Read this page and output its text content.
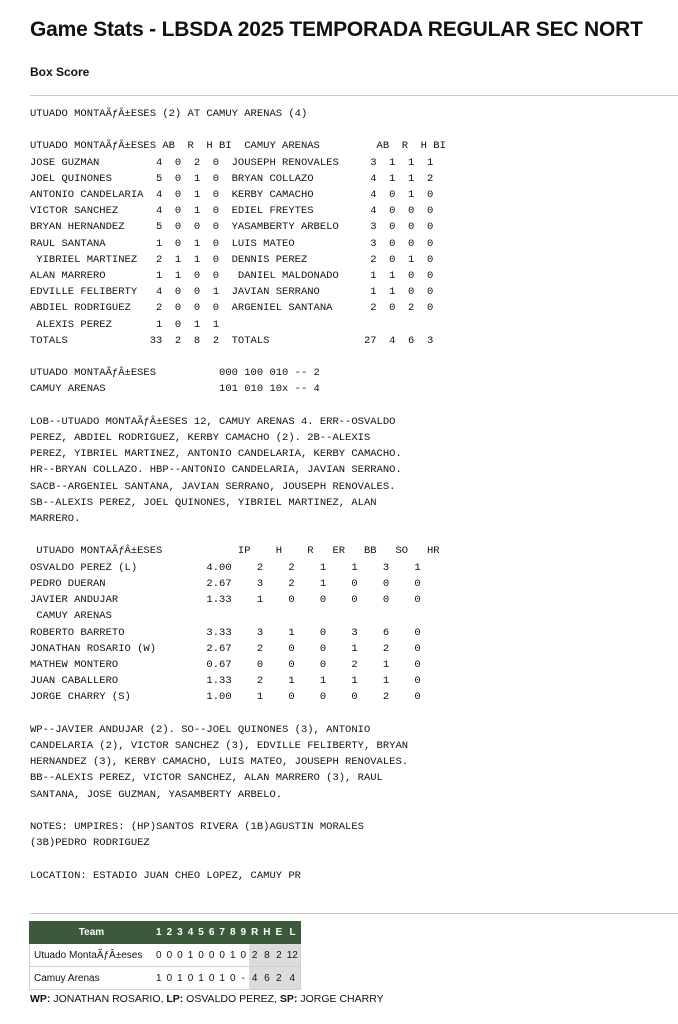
Game Stats - LBSDA 2025 TEMPORADA REGULAR SEC NORT
Box Score
UTUADO MONTAÃƒÂ±ESES (2) AT CAMUY ARENAS (4)

UTUADO MONTAÃƒÂ±ESES AB  R  H BI  CAMUY ARENAS         AB  R  H BI
JOSE GUZMAN         4  0  2  0  JOUSEPH RENOVALES     3  1  1  1
JOEL QUINONES       5  0  1  0  BRYAN COLLAZO         4  1  1  2
ANTONIO CANDELARIA  4  0  1  0  KERBY CAMACHO         4  0  1  0
VICTOR SANCHEZ      4  0  1  0  EDIEL FREYTES         4  0  0  0
BRYAN HERNANDEZ     5  0  0  0  YASAMBERTY ARBELO     3  0  0  0
RAUL SANTANA        1  0  1  0  LUIS MATEO            3  0  0  0
YIBRIEL MARTINEZ   2  1  1  0  DENNIS PEREZ          2  0  1  0
ALAN MARRERO        1  1  0  0   DANIEL MALDONADO     1  1  0  0
EDVILLE FELIBERTY   4  0  0  1  JAVIAN SERRANO        1  1  0  0
ABDIEL RODRIGUEZ    2  0  0  0  ARGENIEL SANTANA      2  0  2  0
ALEXIS PEREZ       1  0  1  1
TOTALS             33  2  8  2  TOTALS               27  4  6  3

UTUADO MONTAÃƒÂ±ESES          000 100 010 -- 2
CAMUY ARENAS                  101 010 10x -- 4

LOB--UTUADO MONTAÃƒÂ±ESES 12, CAMUY ARENAS 4. ERR--OSVALDO
PEREZ, ABDIEL RODRIGUEZ, KERBY CAMACHO (2). 2B--ALEXIS
PEREZ, YIBRIEL MARTINEZ, ANTONIO CANDELARIA, KERBY CAMACHO.
HR--BRYAN COLLAZO. HBP--ANTONIO CANDELARIA, JAVIAN SERRANO.
SACB--ARGENIEL SANTANA, JAVIAN SERRANO, JOUSEPH RENOVALES.
SB--ALEXIS PEREZ, JOEL QUINONES, YIBRIEL MARTINEZ, ALAN
MARRERO.

UTUADO MONTAÃƒÂ±ESES            IP    H    R   ER   BB   SO   HR
OSVALDO PEREZ (L)           4.00    2    2    1    1    3    1
PEDRO DUERAN                2.67    3    2    1    0    0    0
JAVIER ANDUJAR              1.33    1    0    0    0    0    0
CAMUY ARENAS
ROBERTO BARRETO             3.33    3    1    0    3    6    0
JONATHAN ROSARIO (W)        2.67    2    0    0    1    2    0
MATHEW MONTERO              0.67    0    0    0    2    1    0
JUAN CABALLERO              1.33    2    1    1    1    1    0
JORGE CHARRY (S)            1.00    1    0    0    0    2    0

WP--JAVIER ANDUJAR (2). SO--JOEL QUINONES (3), ANTONIO
CANDELARIA (2), VICTOR SANCHEZ (3), EDVILLE FELIBERTY, BRYAN
HERNANDEZ (3), KERBY CAMACHO, LUIS MATEO, JOUSEPH RENOVALES.
BB--ALEXIS PEREZ, VICTOR SANCHEZ, ALAN MARRERO (3), RAUL
SANTANA, JOSE GUZMAN, YASAMBERTY ARBELO.

NOTES: UMPIRES: (HP)SANTOS RIVERA (1B)AGUSTIN MORALES
(3B)PEDRO RODRIGUEZ

LOCATION: ESTADIO JUAN CHEO LOPEZ, CAMUY PR
Team	1	2	3	4	5	6	7	8	9	R	H	E	L
Utuado MontaÃƒÂ±eses	0	0	0	1	0	0	0	1	0	2	8	2	12
Camuy Arenas	1	0	1	0	1	0	1	0	-	4	6	2	4
WP: JONATHAN ROSARIO, LP: OSVALDO PEREZ, SP: JORGE CHARRY
